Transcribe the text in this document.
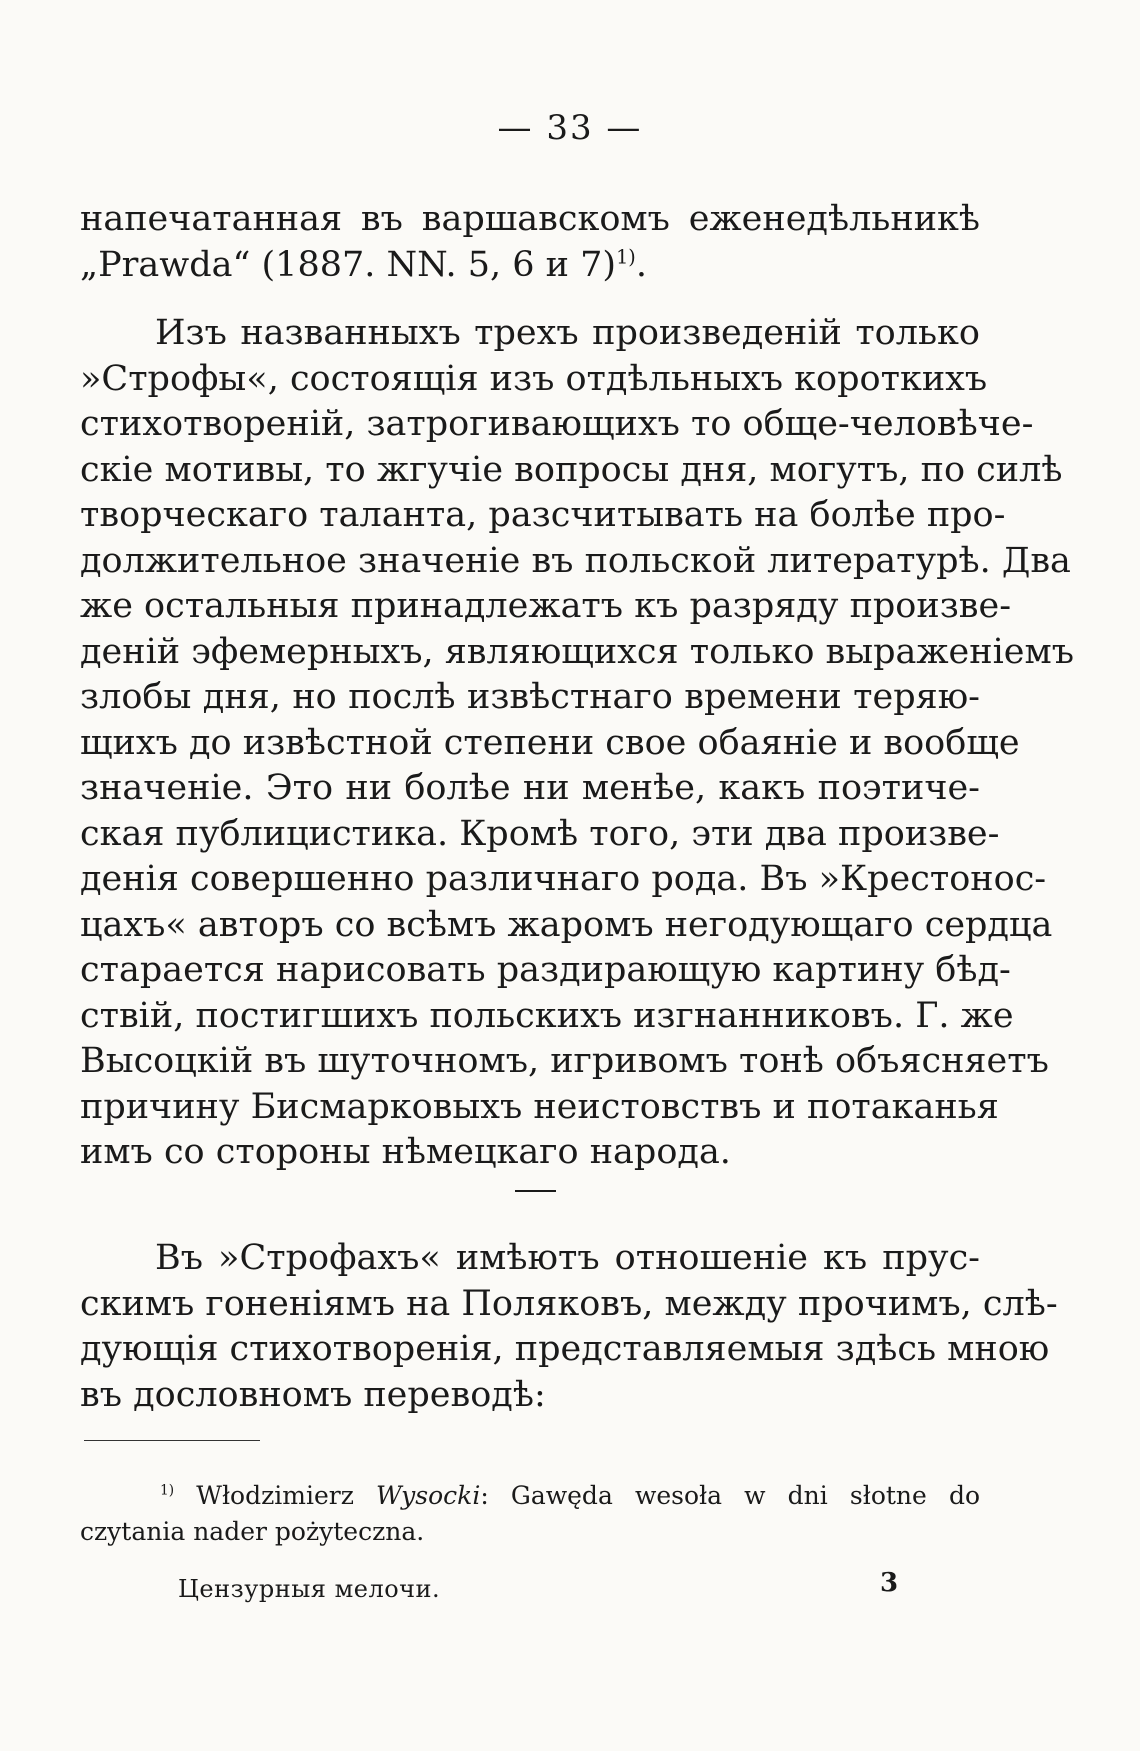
— 33 —
напечатанная въ варшавскомъ еженедѣльникѣ
„Prawda“ (1887. NN. 5, 6 и 7)$^{1)}$.
Изъ названныхъ трехъ произведеній только
»Строфы«, состоящія изъ отдѣльныхъ короткихъ
стихотвореній, затрогивающихъ то обще-человѣче-
скіе мотивы, то жгучіе вопросы дня, могутъ, по силѣ
творческаго таланта, разсчитывать на болѣе про-
должительное значеніе въ польской литературѣ. Два
же остальныя принадлежатъ къ разряду произве-
деній эфемерныхъ, являющихся только выраженіемъ
злобы дня, но послѣ извѣстнаго времени теряю-
щихъ до извѣстной степени свое обаяніе и вообще
значеніе. Это ни болѣе ни менѣе, какъ поэтиче-
ская публицистика. Кромѣ того, эти два произве-
денія совершенно различнаго рода. Въ »Крестонос-
цахъ« авторъ со всѣмъ жаромъ негодующаго сердца
старается нарисовать раздирающую картину бѣд-
ствій, постигшихъ польскихъ изгнанниковъ. Г. же
Высоцкій въ шуточномъ, игривомъ тонѣ объясняетъ
причину Бисмарковыхъ неистовствъ и потаканья
имъ со стороны нѣмецкаго народа.
Въ »Строфахъ« имѣютъ отношеніе къ прус-
скимъ гоненіямъ на Поляковъ, между прочимъ, слѣ-
дующія стихотворенія, представляемыя здѣсь мною
въ дословномъ переводѣ:
$^{1)}$ Włodzimierz Wysocki: Gawęda wesoła w dni słotne do
czytania nader pożyteczna.
Цензурныя мелочи.	3
